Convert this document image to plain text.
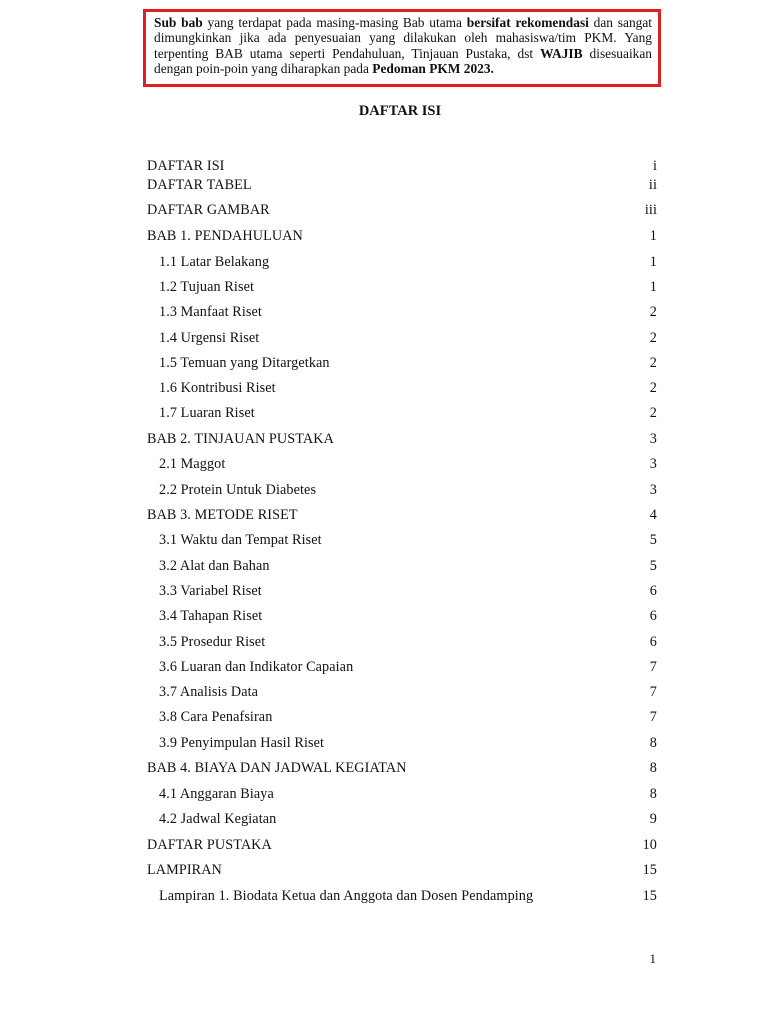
Sub bab yang terdapat pada masing-masing Bab utama bersifat rekomendasi dan sangat dimungkinkan jika ada penyesuaian yang dilakukan oleh mahasiswa/tim PKM. Yang terpenting BAB utama seperti Pendahuluan, Tinjauan Pustaka, dst WAJIB disesuaikan dengan poin-poin yang diharapkan pada Pedoman PKM 2023.
DAFTAR ISI
DAFTAR ISI	i
DAFTAR TABEL	ii
DAFTAR GAMBAR	iii
BAB 1. PENDAHULUAN	1
1.1 Latar Belakang	1
1.2 Tujuan Riset	1
1.3 Manfaat Riset	2
1.4 Urgensi Riset	2
1.5 Temuan yang Ditargetkan	2
1.6 Kontribusi Riset	2
1.7 Luaran Riset	2
BAB 2. TINJAUAN PUSTAKA	3
2.1 Maggot	3
2.2 Protein Untuk Diabetes	3
BAB 3. METODE RISET	4
3.1 Waktu dan Tempat Riset	5
3.2 Alat dan Bahan	5
3.3 Variabel Riset	6
3.4 Tahapan Riset	6
3.5 Prosedur Riset	6
3.6 Luaran dan Indikator Capaian	7
3.7 Analisis Data	7
3.8 Cara Penafsiran	7
3.9 Penyimpulan Hasil Riset	8
BAB 4. BIAYA DAN JADWAL KEGIATAN	8
4.1 Anggaran Biaya	8
4.2 Jadwal Kegiatan	9
DAFTAR PUSTAKA	10
LAMPIRAN	15
Lampiran 1. Biodata Ketua dan Anggota dan Dosen Pendamping	15
1
